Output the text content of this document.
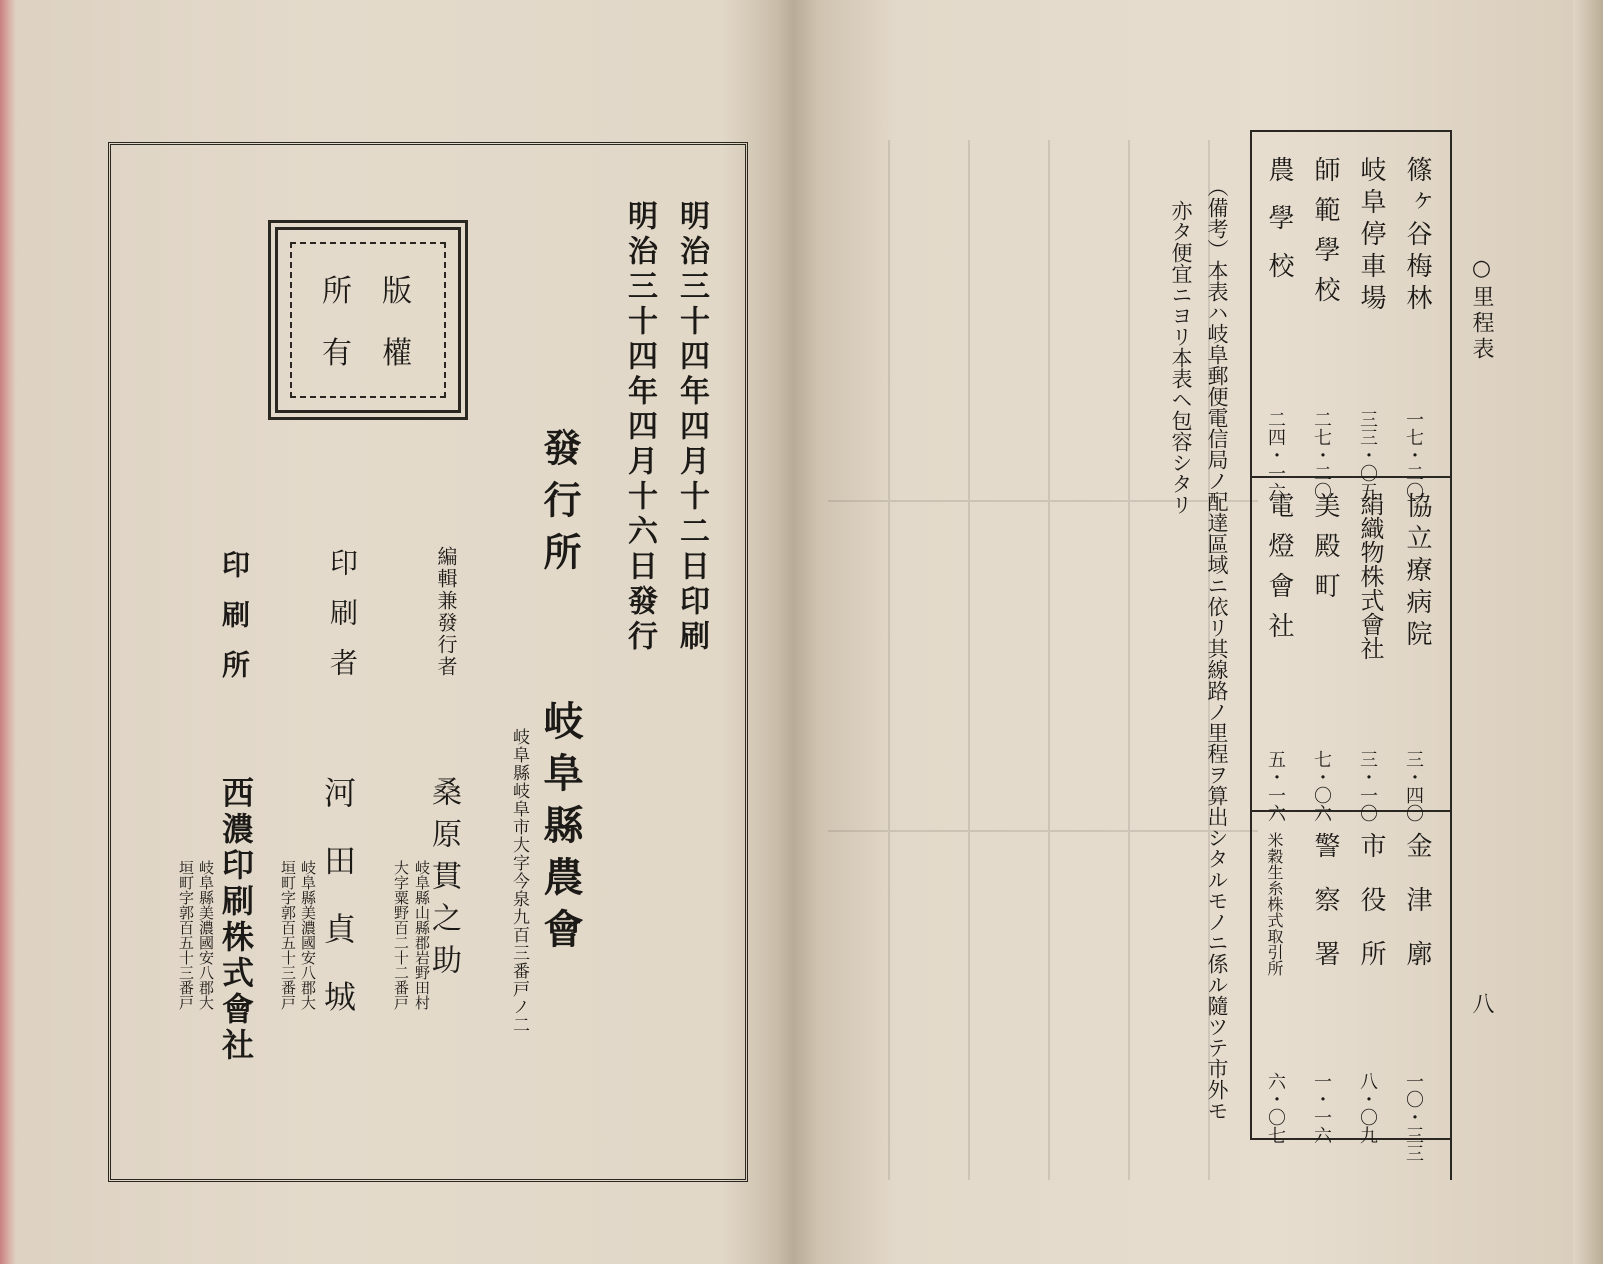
明治三十四年四月十二日印刷
明治三十四年四月十六日發行
版
權
所
有
發行所
岐阜縣農會
岐阜縣岐阜市大字今泉九百三番戸ノ二
編輯兼發行者
桑原貫之助
岐阜縣山縣郡岩野田村
大字粟野百二十二番戸
印刷者
河田貞城
岐阜縣美濃國安八郡大
垣町字郭百五十三番戸
印刷所
西濃印刷株式會社
岐阜縣美濃國安八郡大
垣町字郭百五十三番戸
○里程表
八
篠ヶ谷梅林
岐阜停車場
師範學校
農學校
一七・二〇
三三・〇五
二七・二〇
二四・一六
協立療病院
絹織物株式會社
美殿町
電燈會社
三・四〇
三・一〇
七・〇六
五・一六
金津廓
市役所
警察署
米穀生糸株式取引所
一〇・三三
八・〇九
一・一六
六・〇七
（備考）本表ハ岐阜郵便電信局ノ配達區域ニ依リ其線路ノ里程ヲ算出シタルモノニ係ル隨ツテ市外モ
亦タ便宜ニヨリ本表ヘ包容シタリ
